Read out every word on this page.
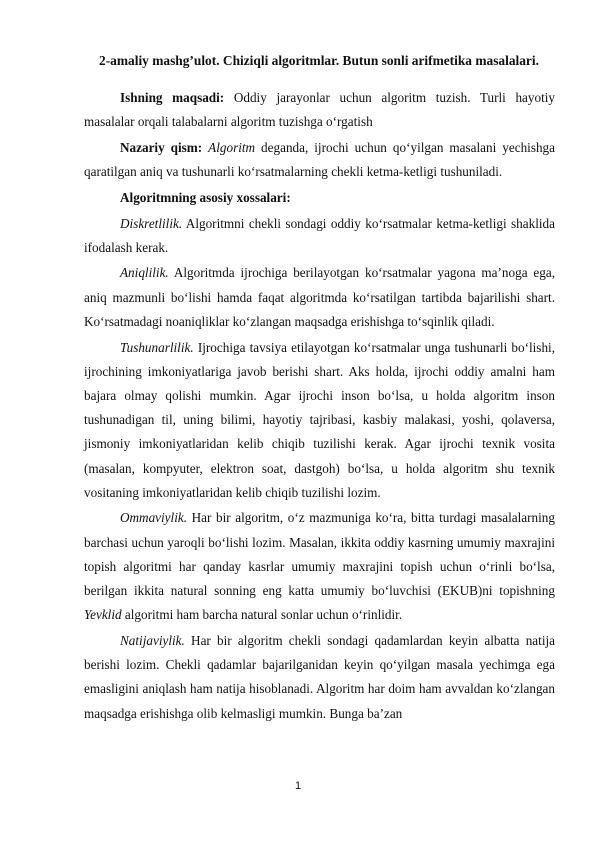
2-amaliy mashg’ulot. Chiziqli algoritmlar. Butun sonli arifmetika masalalari.

Ishning maqsadi: Oddiy jarayonlar uchun algoritm tuzish. Turli hayotiy masalalar orqali talabalarni algoritm tuzishga o‘rgatish

Nazariy qism: Algoritm deganda, ijrochi uchun qo‘yilgan masalani yechishga qaratilgan aniq va tushunarli ko‘rsatmalarning chekli ketma-ketligi tushuniladi.

Algoritmning asosiy xossalari:

Diskretlilik. Algoritmni chekli sondagi oddiy ko‘rsatmalar ketma-ketligi shaklida ifodalash kerak.

Aniqlilik. Algoritmda ijrochiga berilayotgan ko‘rsatmalar yagona ma’noga ega, aniq mazmunli bo‘lishi hamda faqat algoritmda ko‘rsatilgan tartibda bajarilishi shart. Ko‘rsatmadagi noaniqliklar ko‘zlangan maqsadga erishishga to‘sqinlik qiladi.

Tushunarlilik. Ijrochiga tavsiya etilayotgan ko‘rsatmalar unga tushunarli bo‘lishi, ijrochining imkoniyatlariga javob berishi shart. Aks holda, ijrochi oddiy amalni ham bajara olmay qolishi mumkin. Agar ijrochi inson bo‘lsa, u holda algoritm inson tushunadigan til, uning bilimi, hayotiy tajribasi, kasbiy malakasi, yoshi, qolaversa, jismoniy imkoniyatlaridan kelib chiqib tuzilishi kerak. Agar ijrochi texnik vosita (masalan, kompyuter, elektron soat, dastgoh) bo‘lsa, u holda algoritm shu texnik vositaning imkoniyatlaridan kelib chiqib tuzilishi lozim.

Ommaviylik. Har bir algoritm, o‘z mazmuniga ko‘ra, bitta turdagi masalalarning barchasi uchun yaroqli bo‘lishi lozim. Masalan, ikkita oddiy kasrning umumiy maxrajini topish algoritmi har qanday kasrlar umumiy maxrajini topish uchun o‘rinli bo‘lsa, berilgan ikkita natural sonning eng katta umumiy bo‘luvchisi (EKUB)ni topishning Yevklid algoritmi ham barcha natural sonlar uchun o‘rinlidir.

Natijaviylik. Har bir algoritm chekli sondagi qadamlardan keyin albatta natija berishi lozim. Chekli qadamlar bajarilganidan keyin qo‘yilgan masala yechimga ega emasligini aniqlash ham natija hisoblanadi. Algoritm har doim ham avvaldan ko‘zlangan maqsadga erishishga olib kelmasligi mumkin. Bunga ba’zan

1
